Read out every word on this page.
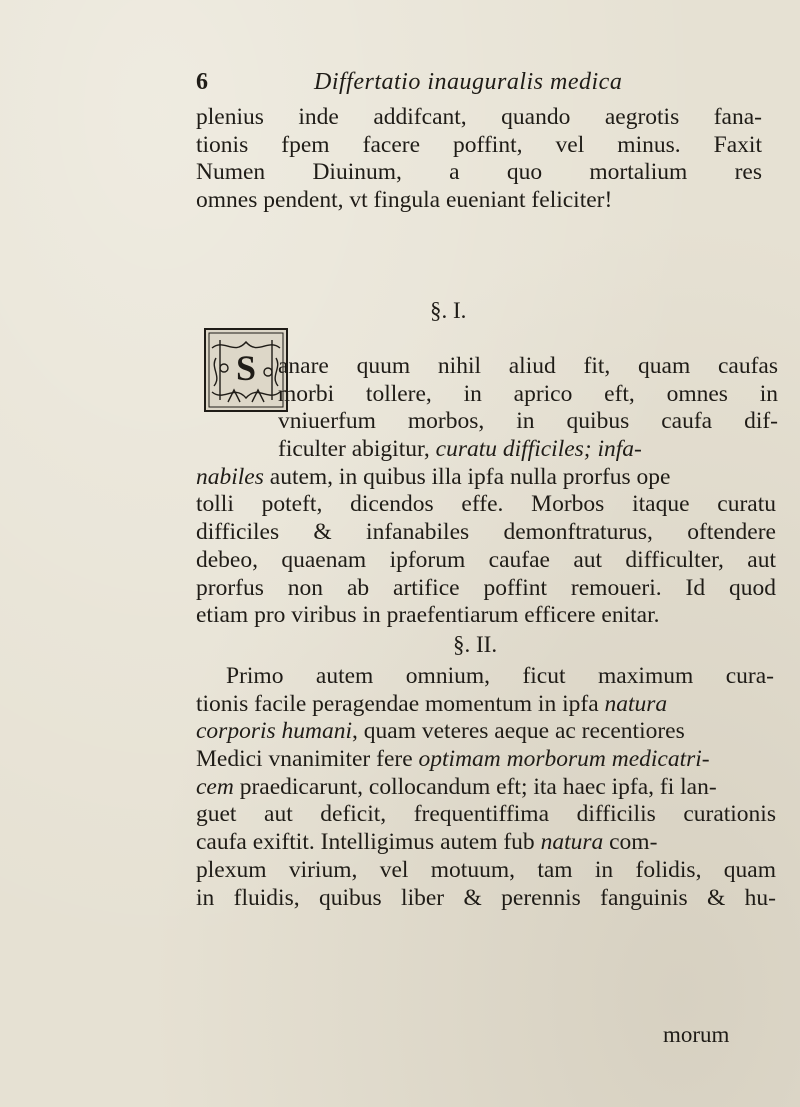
6	Differtatio inauguralis medica
plenius inde addifcant, quando aegrotis fana-
tionis fpem facere poffint, vel minus. Faxit
Numen Diuinum, a quo mortalium res
omnes pendent, vt fingula eueniant feliciter!
§. I.
S anare quum nihil aliud fit, quam caufas
morbi tollere, in aprico eft, omnes in
vniuerfum morbos, in quibus caufa dif-
ficulter abigitur, curatu difficiles; infa-
nabiles autem, in quibus illa ipfa nulla prorfus ope
tolli poteft, dicendos effe. Morbos itaque curatu
difficiles & infanabiles demonftraturus, oftendere
debeo, quaenam ipforum caufae aut difficulter, aut
prorfus non ab artifice poffint remoueri. Id quod
etiam pro viribus in praefentiarum efficere enitar.
§. II.
Primo autem omnium, ficut maximum cura-
tionis facile peragendae momentum in ipfa natura
corporis humani, quam veteres aeque ac recentiores
Medici vnanimiter fere optimam morborum medicatri-
cem praedicarunt, collocandum eft; ita haec ipfa, fi lan-
guet aut deficit, frequentiffima difficilis curationis
caufa exiftit. Intelligimus autem fub natura com-
plexum virium, vel motuum, tam in folidis, quam
in fluidis, quibus liber & perennis fanguinis & hu-
morum
